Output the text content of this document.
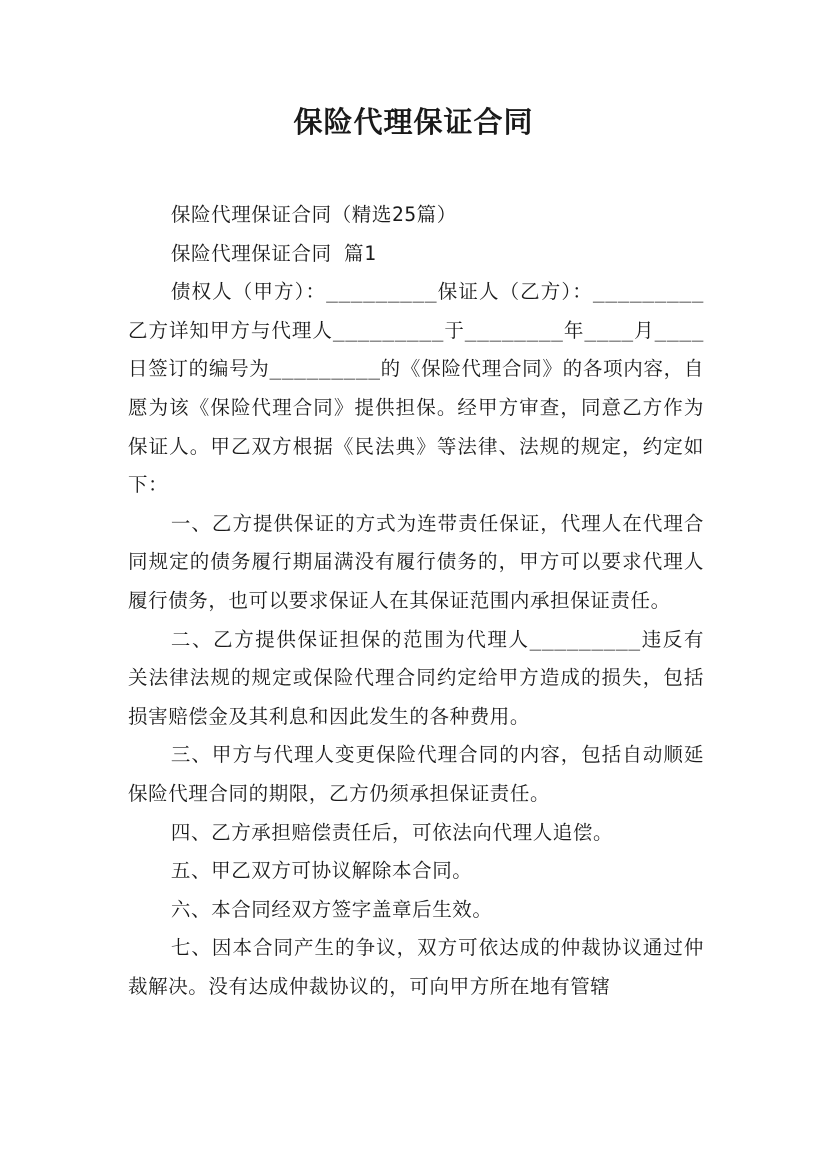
保险代理保证合同

保险代理保证合同（精选25篇）

保险代理保证合同 篇1

债权人（甲方）：_________保证人（乙方）：_________乙方详知甲方与代理人_________于________年____月____日签订的编号为_________的《保险代理合同》的各项内容，自愿为该《保险代理合同》提供担保。经甲方审查，同意乙方作为保证人。甲乙双方根据《民法典》等法律、法规的规定，约定如下：

一、乙方提供保证的方式为连带责任保证，代理人在代理合同规定的债务履行期届满没有履行债务的，甲方可以要求代理人履行债务，也可以要求保证人在其保证范围内承担保证责任。

二、乙方提供保证担保的范围为代理人_________违反有关法律法规的规定或保险代理合同约定给甲方造成的损失，包括损害赔偿金及其利息和因此发生的各种费用。

三、甲方与代理人变更保险代理合同的内容，包括自动顺延保险代理合同的期限，乙方仍须承担保证责任。

四、乙方承担赔偿责任后，可依法向代理人追偿。

五、甲乙双方可协议解除本合同。

六、本合同经双方签字盖章后生效。

七、因本合同产生的争议，双方可依达成的仲裁协议通过仲裁解决。没有达成仲裁协议的，可向甲方所在地有管辖
